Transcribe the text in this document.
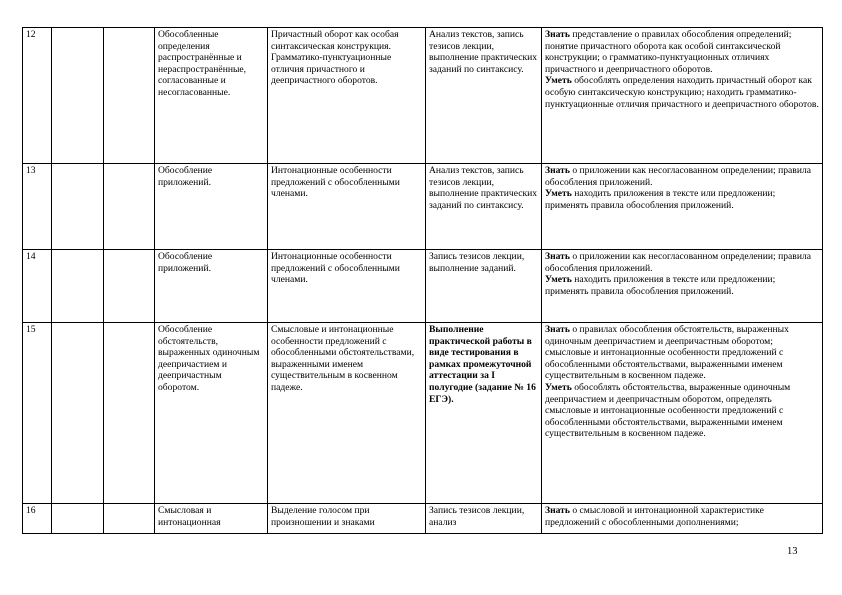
12			Обособленные определения распространённые и нераспространённые, согласованные и несогласованные.	Причастный оборот как особая синтаксическая конструкция. Грамматико-пунктуационные отличия причастного и деепричастного оборотов.	Анализ текстов, запись тезисов лекции, выполнение практических заданий по синтаксису.	Знать представление о правилах обособления определений; понятие причастного оборота как особой синтаксической конструкции; о грамматико-пунктуационных отличиях причастного и деепричастного оборотов.
Уметь обособлять определения находить причастный оборот как особую синтаксическую конструкцию; находить грамматико-пунктуационные отличия причастного и деепричастного оборотов.
13			Обособление приложений.	Интонационные особенности предложений с обособленными членами.	Анализ текстов, запись тезисов лекции, выполнение практических заданий по синтаксису.	Знать о приложении как несогласованном определении; правила обособления приложений.
Уметь находить приложения в тексте или предложении; применять правила обособления приложений.
14			Обособление приложений.	Интонационные особенности предложений с обособленными членами.	Запись тезисов лекции, выполнение заданий.	Знать о приложении как несогласованном определении; правила обособления приложений.
Уметь находить приложения в тексте или предложении; применять правила обособления приложений.
15			Обособление обстоятельств, выраженных одиночным деепричастием и деепричастным оборотом.	Смысловые и интонационные особенности предложений с обособленными обстоятельствами, выраженными именем существительным в косвенном падеже.	Выполнение практической работы в виде тестирования в рамках промежуточной аттестации за I полугодие (задание № 16 ЕГЭ).	Знать о правилах обособления обстоятельств, выраженных одиночным деепричастием и деепричастным оборотом; смысловые и интонационные особенности предложений с обособленными обстоятельствами, выраженными именем существительным в косвенном падеже.
Уметь обособлять обстоятельства, выраженные одиночным деепричастием и деепричастным оборотом, определять смысловые и интонационные особенности предложений с обособленными обстоятельствами, выраженными именем существительным в косвенном падеже.
16			Смысловая и интонационная	Выделение голосом при произношении и знаками	Запись тезисов лекции, анализ	Знать о смысловой и интонационной характеристике предложений с обособленными дополнениями;
13
